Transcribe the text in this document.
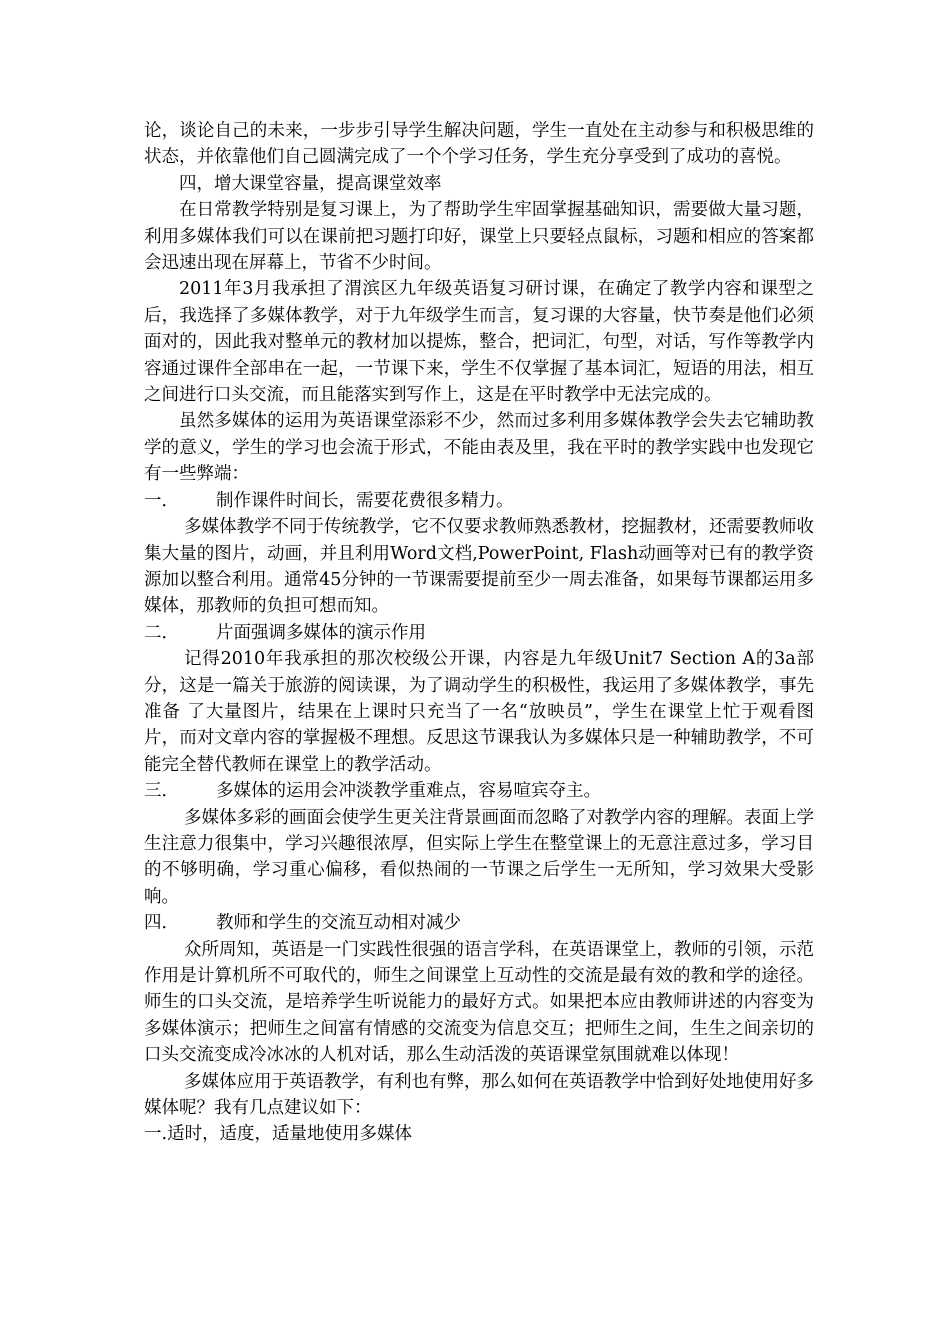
论，谈论自己的未来，一步步引导学生解决问题，学生一直处在主动参与和积极思维的状态，并依靠他们自己圆满完成了一个个学习任务，学生充分享受到了成功的喜悦。

四，增大课堂容量，提高课堂效率

在日常教学特别是复习课上，为了帮助学生牢固掌握基础知识，需要做大量习题，利用多媒体我们可以在课前把习题打印好，课堂上只要轻点鼠标，习题和相应的答案都会迅速出现在屏幕上，节省不少时间。

2011年3月我承担了渭滨区九年级英语复习研讨课，在确定了教学内容和课型之后，我选择了多媒体教学，对于九年级学生而言，复习课的大容量，快节奏是他们必须面对的，因此我对整单元的教材加以提炼，整合，把词汇，句型，对话，写作等教学内容通过课件全部串在一起，一节课下来，学生不仅掌握了基本词汇，短语的用法，相互之间进行口头交流，而且能落实到写作上，这是在平时教学中无法完成的。

虽然多媒体的运用为英语课堂添彩不少，然而过多利用多媒体教学会失去它辅助教学的意义，学生的学习也会流于形式，不能由表及里，我在平时的教学实践中也发现它有一些弊端：

一． 制作课件时间长，需要花费很多精力。

多媒体教学不同于传统教学，它不仅要求教师熟悉教材，挖掘教材，还需要教师收集大量的图片，动画，并且利用Word文档,PowerPoint, Flash动画等对已有的教学资源加以整合利用。通常45分钟的一节课需要提前至少一周去准备，如果每节课都运用多媒体，那教师的负担可想而知。

二． 片面强调多媒体的演示作用

记得2010年我承担的那次校级公开课，内容是九年级Unit7 Section A的3a部分，这是一篇关于旅游的阅读课，为了调动学生的积极性，我运用了多媒体教学，事先准备 了大量图片，结果在上课时只充当了一名“放映员”，学生在课堂上忙于观看图片，而对文章内容的掌握极不理想。反思这节课我认为多媒体只是一种辅助教学，不可能完全替代教师在课堂上的教学活动。

三． 多媒体的运用会冲淡教学重难点，容易喧宾夺主。

多媒体多彩的画面会使学生更关注背景画面而忽略了对教学内容的理解。表面上学生注意力很集中，学习兴趣很浓厚，但实际上学生在整堂课上的无意注意过多，学习目的不够明确，学习重心偏移，看似热闹的一节课之后学生一无所知，学习效果大受影响。

四． 教师和学生的交流互动相对减少

众所周知，英语是一门实践性很强的语言学科，在英语课堂上，教师的引领，示范作用是计算机所不可取代的，师生之间课堂上互动性的交流是最有效的教和学的途径。师生的口头交流，是培养学生听说能力的最好方式。如果把本应由教师讲述的内容变为多媒体演示；把师生之间富有情感的交流变为信息交互；把师生之间，生生之间亲切的口头交流变成冷冰冰的人机对话，那么生动活泼的英语课堂氛围就难以体现！

多媒体应用于英语教学，有利也有弊，那么如何在英语教学中恰到好处地使用好多媒体呢？我有几点建议如下：

一.适时，适度，适量地使用多媒体
